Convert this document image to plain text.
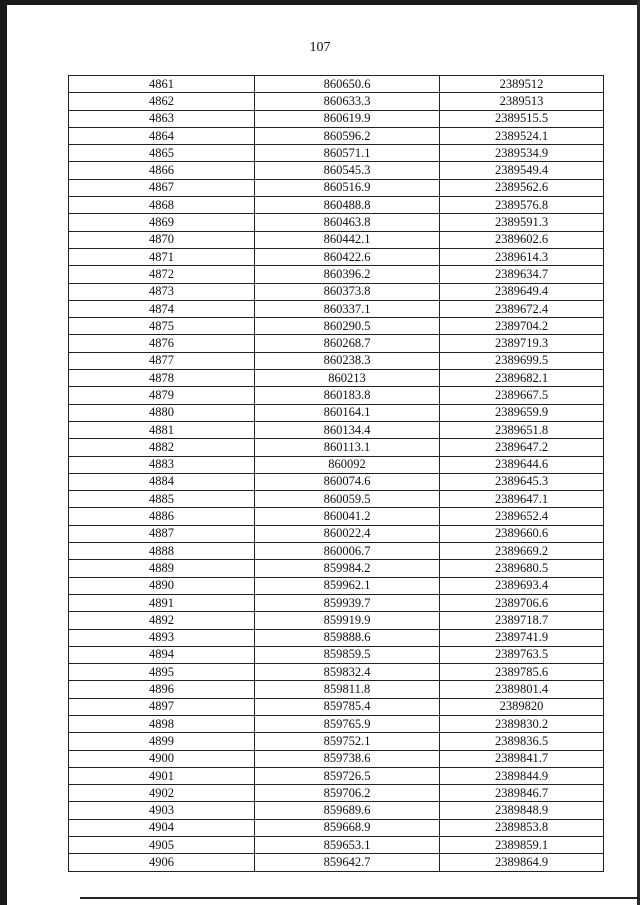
107
4861	860650.6	2389512
4862	860633.3	2389513
4863	860619.9	2389515.5
4864	860596.2	2389524.1
4865	860571.1	2389534.9
4866	860545.3	2389549.4
4867	860516.9	2389562.6
4868	860488.8	2389576.8
4869	860463.8	2389591.3
4870	860442.1	2389602.6
4871	860422.6	2389614.3
4872	860396.2	2389634.7
4873	860373.8	2389649.4
4874	860337.1	2389672.4
4875	860290.5	2389704.2
4876	860268.7	2389719.3
4877	860238.3	2389699.5
4878	860213	2389682.1
4879	860183.8	2389667.5
4880	860164.1	2389659.9
4881	860134.4	2389651.8
4882	860113.1	2389647.2
4883	860092	2389644.6
4884	860074.6	2389645.3
4885	860059.5	2389647.1
4886	860041.2	2389652.4
4887	860022.4	2389660.6
4888	860006.7	2389669.2
4889	859984.2	2389680.5
4890	859962.1	2389693.4
4891	859939.7	2389706.6
4892	859919.9	2389718.7
4893	859888.6	2389741.9
4894	859859.5	2389763.5
4895	859832.4	2389785.6
4896	859811.8	2389801.4
4897	859785.4	2389820
4898	859765.9	2389830.2
4899	859752.1	2389836.5
4900	859738.6	2389841.7
4901	859726.5	2389844.9
4902	859706.2	2389846.7
4903	859689.6	2389848.9
4904	859668.9	2389853.8
4905	859653.1	2389859.1
4906	859642.7	2389864.9
